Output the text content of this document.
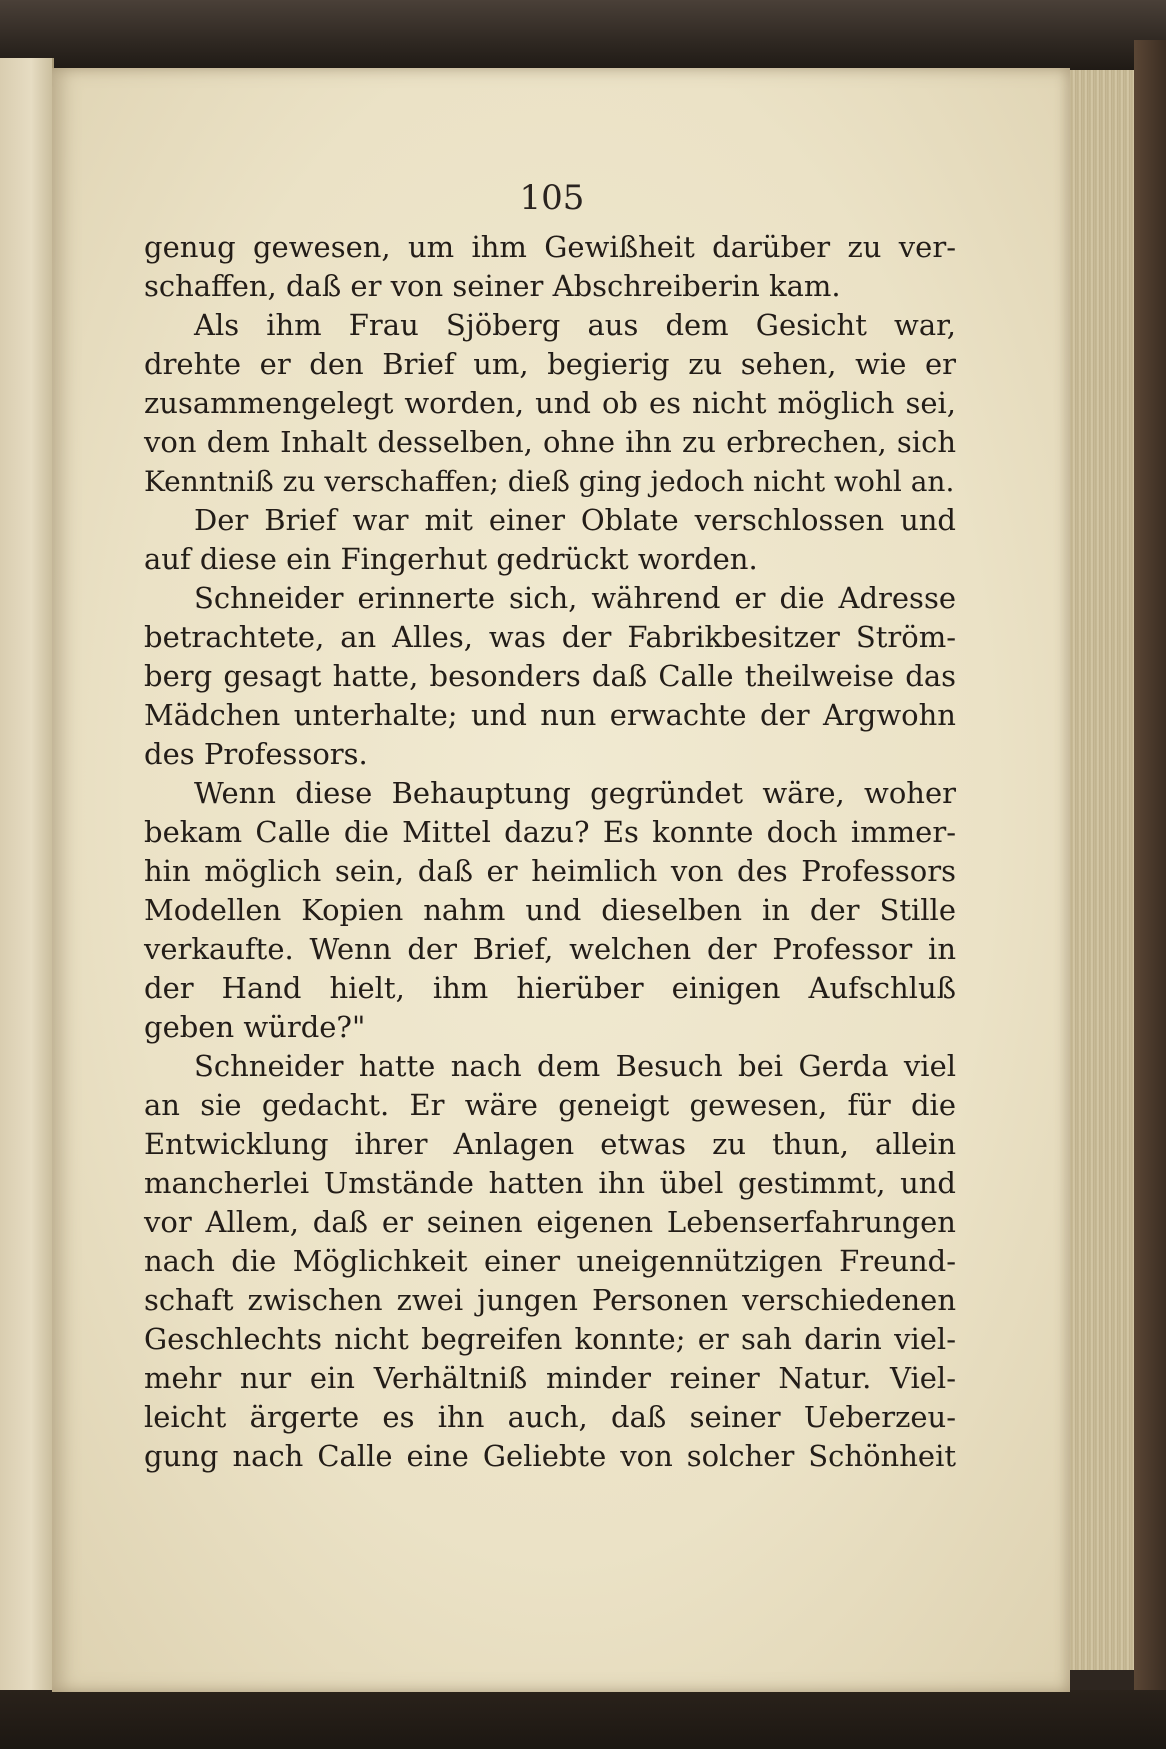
105
genug gewesen, um ihm Gewißheit darüber zu ver-
schaffen, daß er von seiner Abschreiberin kam.
Als ihm Frau Sjöberg aus dem Gesicht war,
drehte er den Brief um, begierig zu sehen, wie er
zusammengelegt worden, und ob es nicht möglich sei,
von dem Inhalt desselben, ohne ihn zu erbrechen, sich
Kenntniß zu verschaffen; dieß ging jedoch nicht wohl an.
Der Brief war mit einer Oblate verschlossen und
auf diese ein Fingerhut gedrückt worden.
Schneider erinnerte sich, während er die Adresse
betrachtete, an Alles, was der Fabrikbesitzer Ström-
berg gesagt hatte, besonders daß Calle theilweise das
Mädchen unterhalte; und nun erwachte der Argwohn
des Professors.
Wenn diese Behauptung gegründet wäre, woher
bekam Calle die Mittel dazu? Es konnte doch immer-
hin möglich sein, daß er heimlich von des Professors
Modellen Kopien nahm und dieselben in der Stille
verkaufte. Wenn der Brief, welchen der Professor in
der Hand hielt, ihm hierüber einigen Aufschluß
geben würde?"
Schneider hatte nach dem Besuch bei Gerda viel
an sie gedacht. Er wäre geneigt gewesen, für die
Entwicklung ihrer Anlagen etwas zu thun, allein
mancherlei Umstände hatten ihn übel gestimmt, und
vor Allem, daß er seinen eigenen Lebenserfahrungen
nach die Möglichkeit einer uneigennützigen Freund-
schaft zwischen zwei jungen Personen verschiedenen
Geschlechts nicht begreifen konnte; er sah darin viel-
mehr nur ein Verhältniß minder reiner Natur. Viel-
leicht ärgerte es ihn auch, daß seiner Ueberzeu-
gung nach Calle eine Geliebte von solcher Schönheit
